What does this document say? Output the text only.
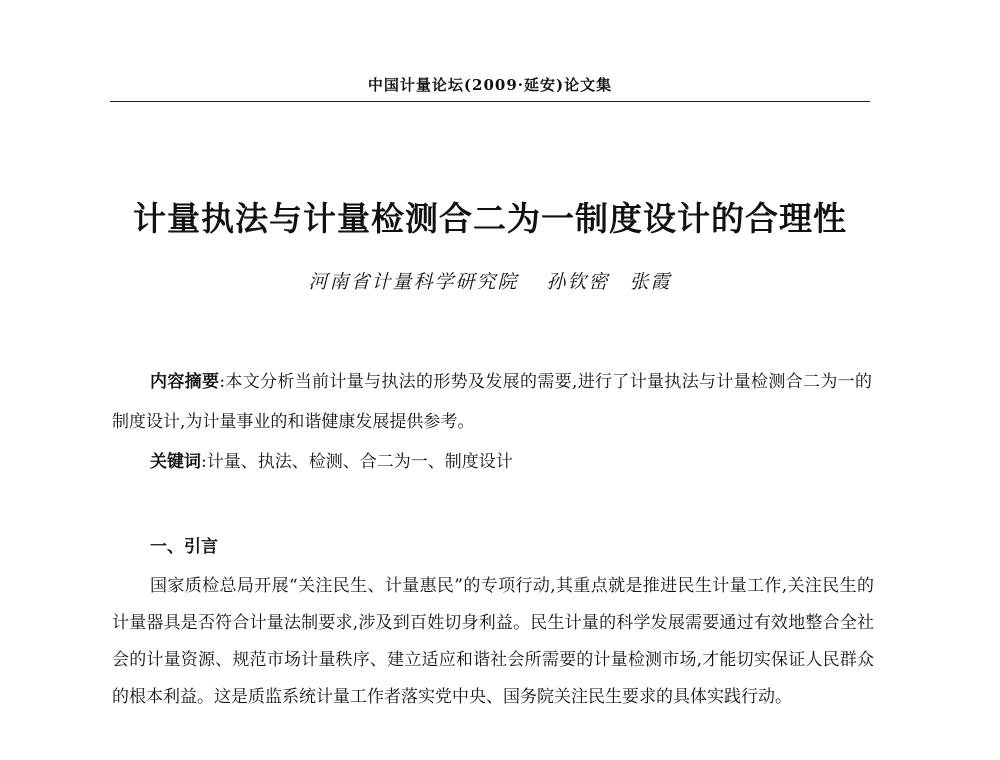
中国计量论坛(2009·延安)论文集
计量执法与计量检测合二为一制度设计的合理性
河南省计量科学研究院 孙钦密 张霞

内容摘要:本文分析当前计量与执法的形势及发展的需要,进行了计量执法与计量检测合二为一的制度设计,为计量事业的和谐健康发展提供参考。

关键词:计量、执法、检测、合二为一、制度设计

一、引言

国家质检总局开展“关注民生、计量惠民”的专项行动,其重点就是推进民生计量工作,关注民生的计量器具是否符合计量法制要求,涉及到百姓切身利益。民生计量的科学发展需要通过有效地整合全社会的计量资源、规范市场计量秩序、建立适应和谐社会所需要的计量检测市场,才能切实保证人民群众的根本利益。这是质监系统计量工作者落实党中央、国务院关注民生要求的具体实践行动。
